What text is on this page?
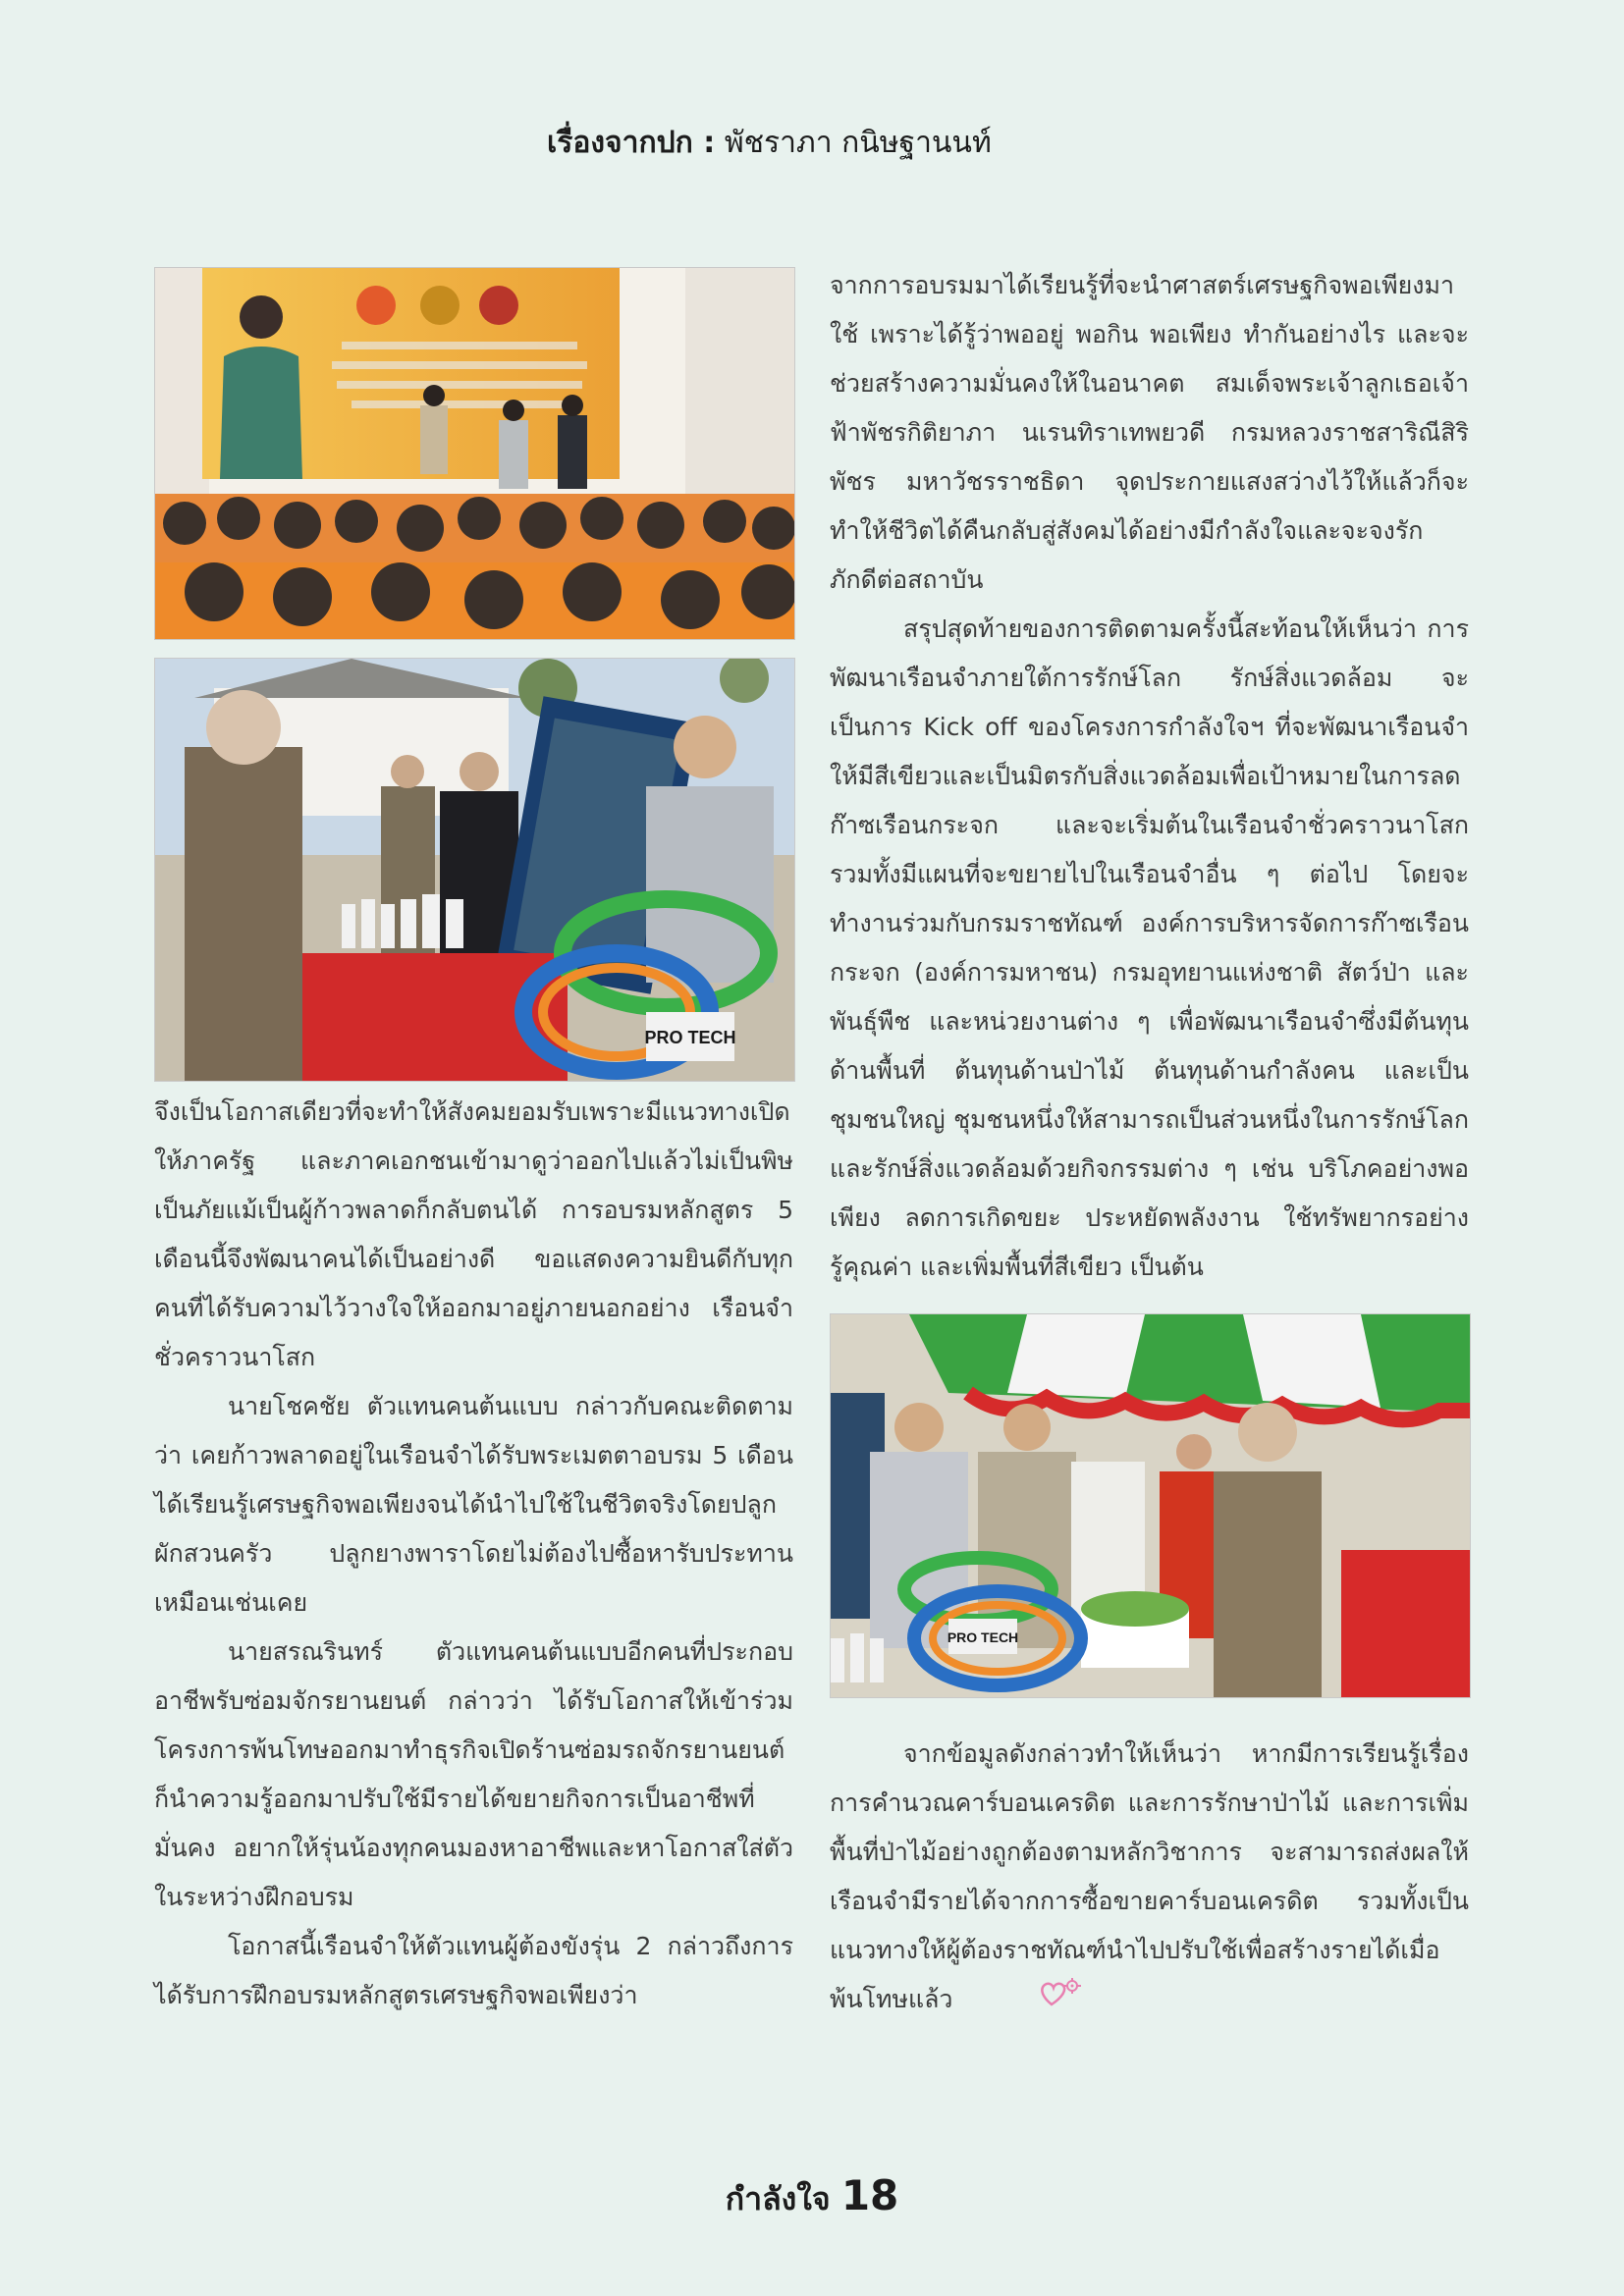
เรื่องจากปก : พัชราภา กนิษฐานนท์
PRO TECH

จึงเป็นโอกาสเดียวที่จะทำให้สังคมยอมรับเพราะมีแนวทางเปิดให้ภาครัฐ และภาคเอกชนเข้ามาดูว่าออกไปแล้วไม่เป็นพิษเป็นภัยแม้เป็นผู้ก้าวพลาดก็กลับตนได้ การอบรมหลักสูตร 5 เดือนนี้จึงพัฒนาคนได้เป็นอย่างดี ขอแสดงความยินดีกับทุกคนที่ได้รับความไว้วางใจให้ออกมาอยู่ภายนอกอย่าง เรือนจำชั่วคราวนาโสก

นายโชคชัย ตัวแทนคนต้นแบบ กล่าวกับคณะติดตามว่า เคยก้าวพลาดอยู่ในเรือนจำได้รับพระเมตตาอบรม 5 เดือน ได้เรียนรู้เศรษฐกิจพอเพียงจนได้นำไปใช้ในชีวิตจริงโดยปลูกผักสวนครัว ปลูกยางพาราโดยไม่ต้องไปซื้อหารับประทานเหมือนเช่นเคย

นายสรณรินทร์ ตัวแทนคนต้นแบบอีกคนที่ประกอบอาชีพรับซ่อมจักรยานยนต์ กล่าวว่า ได้รับโอกาสให้เข้าร่วมโครงการพ้นโทษออกมาทำธุรกิจเปิดร้านซ่อมรถจักรยานยนต์ ก็นำความรู้ออกมาปรับใช้มีรายได้ขยายกิจการเป็นอาชีพที่มั่นคง อยากให้รุ่นน้องทุกคนมองหาอาชีพและหาโอกาสใส่ตัวในระหว่างฝึกอบรม

โอกาสนี้เรือนจำให้ตัวแทนผู้ต้องขังรุ่น 2 กล่าวถึงการได้รับการฝึกอบรมหลักสูตรเศรษฐกิจพอเพียงว่า

จากการอบรมมาได้เรียนรู้ที่จะนำศาสตร์เศรษฐกิจพอเพียงมาใช้ เพราะได้รู้ว่าพออยู่ พอกิน พอเพียง ทำกันอย่างไร และจะช่วยสร้างความมั่นคงให้ในอนาคต สมเด็จพระเจ้าลูกเธอเจ้าฟ้าพัชรกิติยาภา นเรนทิราเทพยวดี กรมหลวงราชสาริณีสิริพัชร มหาวัชรราชธิดา จุดประกายแสงสว่างไว้ให้แล้วก็จะทำให้ชีวิตได้คืนกลับสู่สังคมได้อย่างมีกำลังใจและจะจงรักภักดีต่อสถาบัน

สรุปสุดท้ายของการติดตามครั้งนี้สะท้อนให้เห็นว่า การพัฒนาเรือนจำภายใต้การรักษ์โลก รักษ์สิ่งแวดล้อม จะเป็นการ Kick off ของโครงการกำลังใจฯ ที่จะพัฒนาเรือนจำให้มีสีเขียวและเป็นมิตรกับสิ่งแวดล้อมเพื่อเป้าหมายในการลดก๊าซเรือนกระจก และจะเริ่มต้นในเรือนจำชั่วคราวนาโสก รวมทั้งมีแผนที่จะขยายไปในเรือนจำอื่น ๆ ต่อไป โดยจะทำงานร่วมกับกรมราชทัณฑ์ องค์การบริหารจัดการก๊าซเรือนกระจก (องค์การมหาชน) กรมอุทยานแห่งชาติ สัตว์ป่า และพันธุ์พืช และหน่วยงานต่าง ๆ เพื่อพัฒนาเรือนจำซึ่งมีต้นทุนด้านพื้นที่ ต้นทุนด้านป่าไม้ ต้นทุนด้านกำลังคน และเป็นชุมชนใหญ่ ชุมชนหนึ่งให้สามารถเป็นส่วนหนึ่งในการรักษ์โลกและรักษ์สิ่งแวดล้อมด้วยกิจกรรมต่าง ๆ เช่น บริโภคอย่างพอเพียง ลดการเกิดขยะ ประหยัดพลังงาน ใช้ทรัพยากรอย่างรู้คุณค่า และเพิ่มพื้นที่สีเขียว เป็นต้น

PRO TECH

จากข้อมูลดังกล่าวทำให้เห็นว่า หากมีการเรียนรู้เรื่องการคำนวณคาร์บอนเครดิต และการรักษาป่าไม้ และการเพิ่มพื้นที่ป่าไม้อย่างถูกต้องตามหลักวิชาการ จะสามารถส่งผลให้เรือนจำมีรายได้จากการซื้อขายคาร์บอนเครดิต รวมทั้งเป็นแนวทางให้ผู้ต้องราชทัณฑ์นำไปปรับใช้เพื่อสร้างรายได้เมื่อพ้นโทษแล้ว

กำลังใจ 18
